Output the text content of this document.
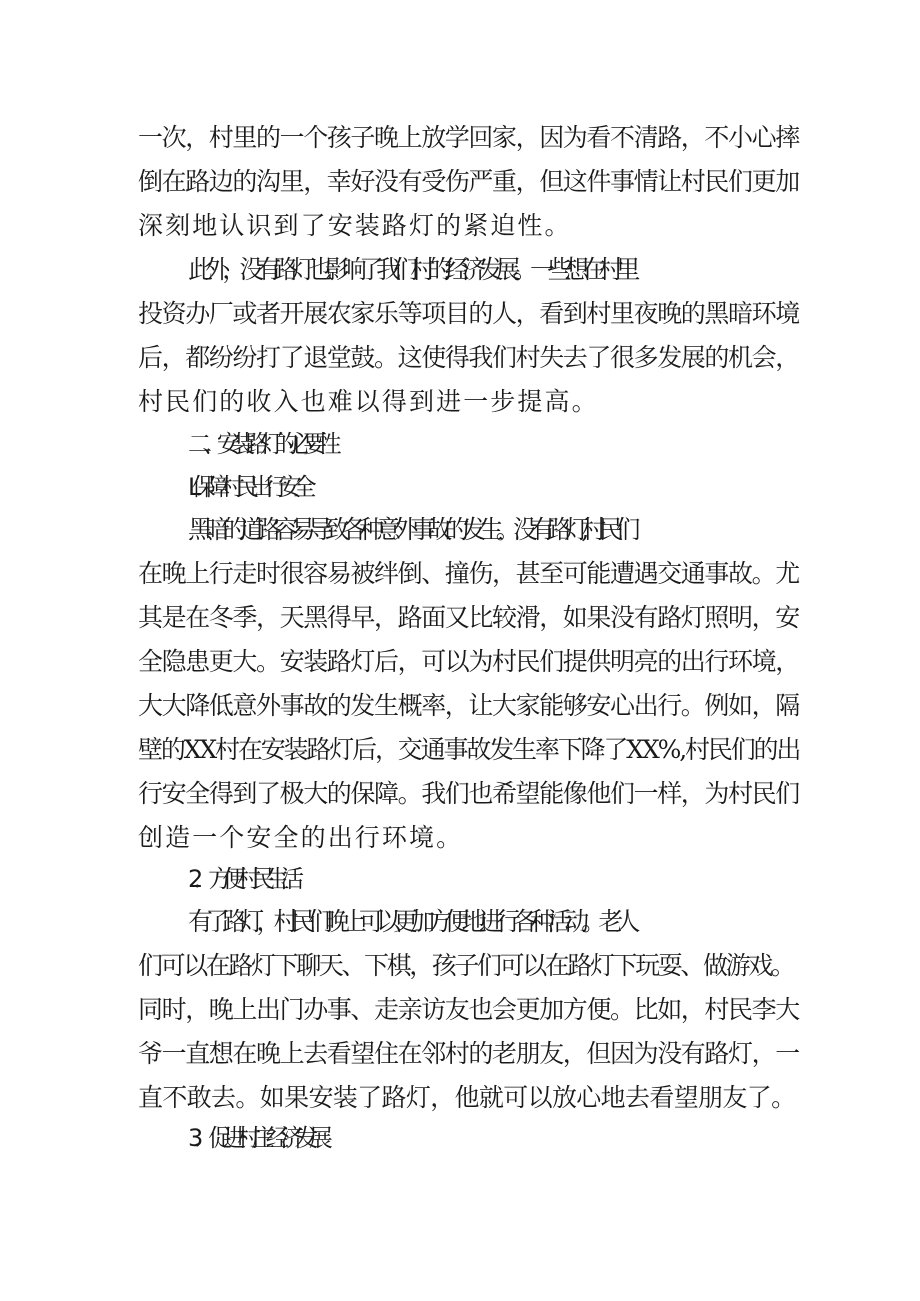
一次，村里的一个孩子晚上放学回家，因为看不清路，不小心摔
倒在路边的沟里，幸好没有受伤严重，但这件事情让村民们更加
深刻地认识到了安装路灯的紧迫性。
此外，没有路灯也影响了我们村的经济发展。一些想在村里
投资办厂或者开展农家乐等项目的人，看到村里夜晚的黑暗环境
后，都纷纷打了退堂鼓。这使得我们村失去了很多发展的机会，
村民们的收入也难以得到进一步提高。
二、安装路灯的必要性
L保障村民出行安全
黑暗的道路容易导致各种意外事故的发生。没有路灯,村民们
在晚上行走时很容易被绊倒、撞伤，甚至可能遭遇交通事故。尤
其是在冬季，天黑得早，路面又比较滑，如果没有路灯照明，安
全隐患更大。安装路灯后，可以为村民们提供明亮的出行环境，
大大降低意外事故的发生概率，让大家能够安心出行。例如，隔
壁的XX村在安装路灯后，交通事故发生率下降了XX%,村民们的出
行安全得到了极大的保障。我们也希望能像他们一样，为村民们
创造一个安全的出行环境。
2．方便村民生活
有了路灯，村民们晚上可以更加方便地进行各种活动。老人
们可以在路灯下聊天、下棋，孩子们可以在路灯下玩耍、做游戏。
同时，晚上出门办事、走亲访友也会更加方便。比如，村民李大
爷一直想在晚上去看望住在邻村的老朋友，但因为没有路灯，一
直不敢去。如果安装了路灯，他就可以放心地去看望朋友了。
3．促进村庄经济发展
